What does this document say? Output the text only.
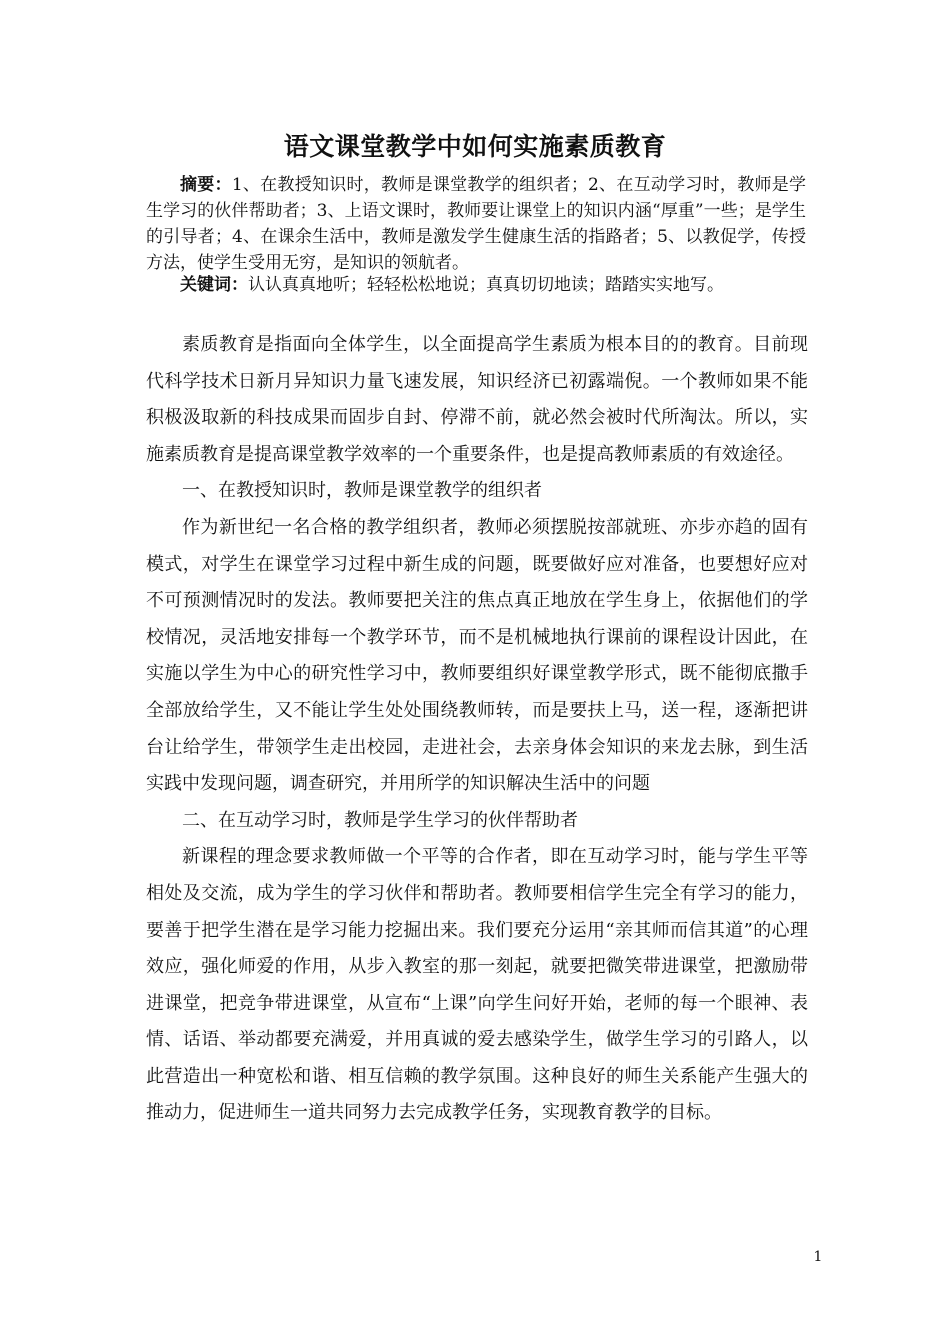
语文课堂教学中如何实施素质教育
摘要：1、在教授知识时，教师是课堂教学的组织者；2、在互动学习时，教师是学生学习的伙伴帮助者；3、上语文课时，教师要让课堂上的知识内涵“厚重”一些；是学生的引导者；4、在课余生活中，教师是激发学生健康生活的指路者；5、以教促学，传授方法，使学生受用无穷，是知识的领航者。
关键词：认认真真地听；轻轻松松地说；真真切切地读；踏踏实实地写。

素质教育是指面向全体学生，以全面提高学生素质为根本目的的教育。目前现代科学技术日新月异知识力量飞速发展，知识经济已初露端倪。一个教师如果不能积极汲取新的科技成果而固步自封、停滞不前，就必然会被时代所淘汰。所以，实施素质教育是提高课堂教学效率的一个重要条件，也是提高教师素质的有效途径。

一、在教授知识时，教师是课堂教学的组织者

作为新世纪一名合格的教学组织者，教师必须摆脱按部就班、亦步亦趋的固有模式，对学生在课堂学习过程中新生成的问题，既要做好应对准备，也要想好应对不可预测情况时的发法。教师要把关注的焦点真正地放在学生身上，依据他们的学校情况，灵活地安排每一个教学环节，而不是机械地执行课前的课程设计因此，在实施以学生为中心的研究性学习中，教师要组织好课堂教学形式，既不能彻底撒手全部放给学生，又不能让学生处处围绕教师转，而是要扶上马，送一程，逐渐把讲台让给学生，带领学生走出校园，走进社会，去亲身体会知识的来龙去脉，到生活实践中发现问题，调查研究，并用所学的知识解决生活中的问题

二、在互动学习时，教师是学生学习的伙伴帮助者

新课程的理念要求教师做一个平等的合作者，即在互动学习时，能与学生平等相处及交流，成为学生的学习伙伴和帮助者。教师要相信学生完全有学习的能力，要善于把学生潜在是学习能力挖掘出来。我们要充分运用“亲其师而信其道”的心理效应，强化师爱的作用，从步入教室的那一刻起，就要把微笑带进课堂，把激励带进课堂，把竞争带进课堂，从宣布“上课”向学生问好开始，老师的每一个眼神、表情、话语、举动都要充满爱，并用真诚的爱去感染学生，做学生学习的引路人，以此营造出一种宽松和谐、相互信赖的教学氛围。这种良好的师生关系能产生强大的推动力，促进师生一道共同努力去完成教学任务，实现教育教学的目标。

1
